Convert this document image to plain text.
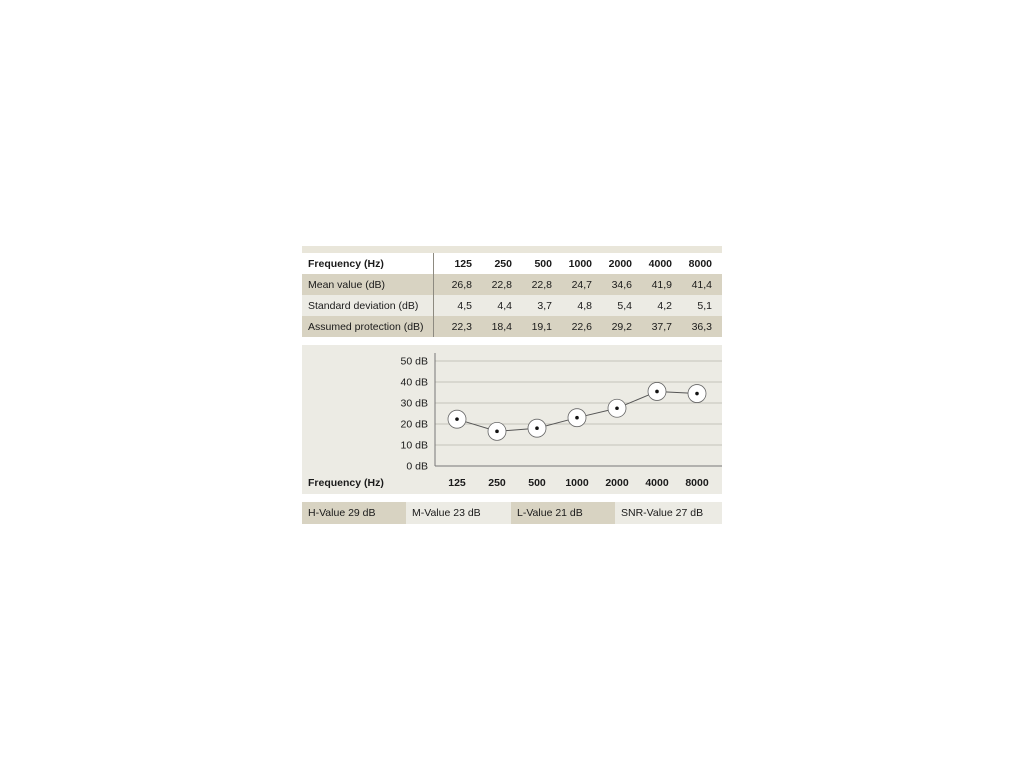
Frequency (Hz)	125	250	500	1000	2000	4000	8000
Mean value (dB)	26,8	22,8	22,8	24,7	34,6	41,9	41,4
Standard deviation (dB)	4,5	4,4	3,7	4,8	5,4	4,2	5,1
Assumed protection (dB)	22,3	18,4	19,1	22,6	29,2	37,7	36,3
0 dB
10 dB
20 dB
30 dB
40 dB
50 dB
Frequency (Hz)	125 250 500 1000 2000 4000 8000
H-Value 29 dB	M-Value 23 dB	L-Value 21 dB	SNR-Value 27 dB
